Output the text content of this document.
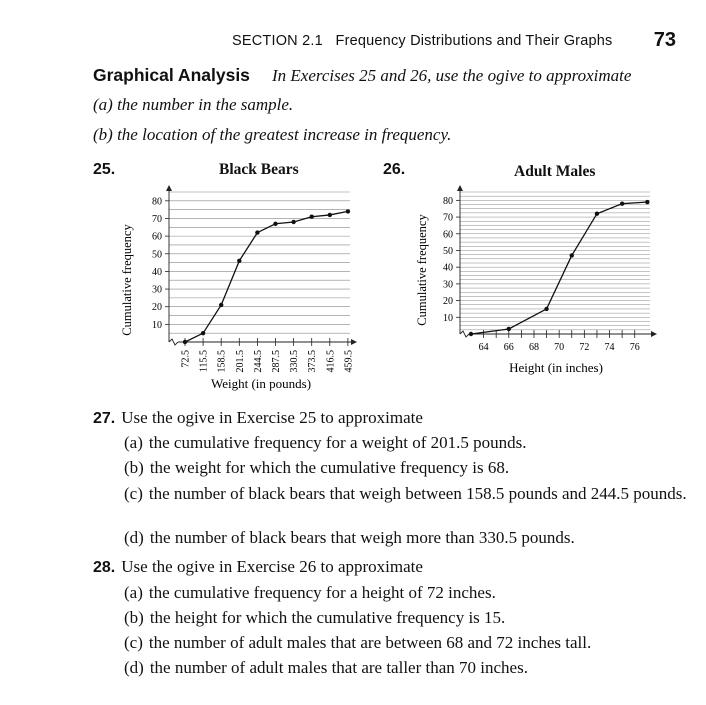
SECTION 2.1 Frequency Distributions and Their Graphs 73
Graphical Analysis In Exercises 25 and 26, use the ogive to approximate
(a) the number in the sample.
(b) the location of the greatest increase in frequency.
25.	26.
Black Bears	Adult Males
10
20
30
40
50
60
70
80
72.5 115.5 158.5 201.5 244.5 287.5 330.5 373.5 416.5 459.5
Cumulative frequency
Weight (in pounds)
10
20
30
40
50
60
70
80
64 66 68 70 72 74 76
Cumulative frequency
Height (in inches)
27. Use the ogive in Exercise 25 to approximate
(a) the cumulative frequency for a weight of 201.5 pounds.
(b) the weight for which the cumulative frequency is 68.
(c) the number of black bears that weigh between 158.5 pounds and 244.5 pounds.
(d) the number of black bears that weigh more than 330.5 pounds.
28. Use the ogive in Exercise 26 to approximate
(a) the cumulative frequency for a height of 72 inches.
(b) the height for which the cumulative frequency is 15.
(c) the number of adult males that are between 68 and 72 inches tall.
(d) the number of adult males that are taller than 70 inches.
